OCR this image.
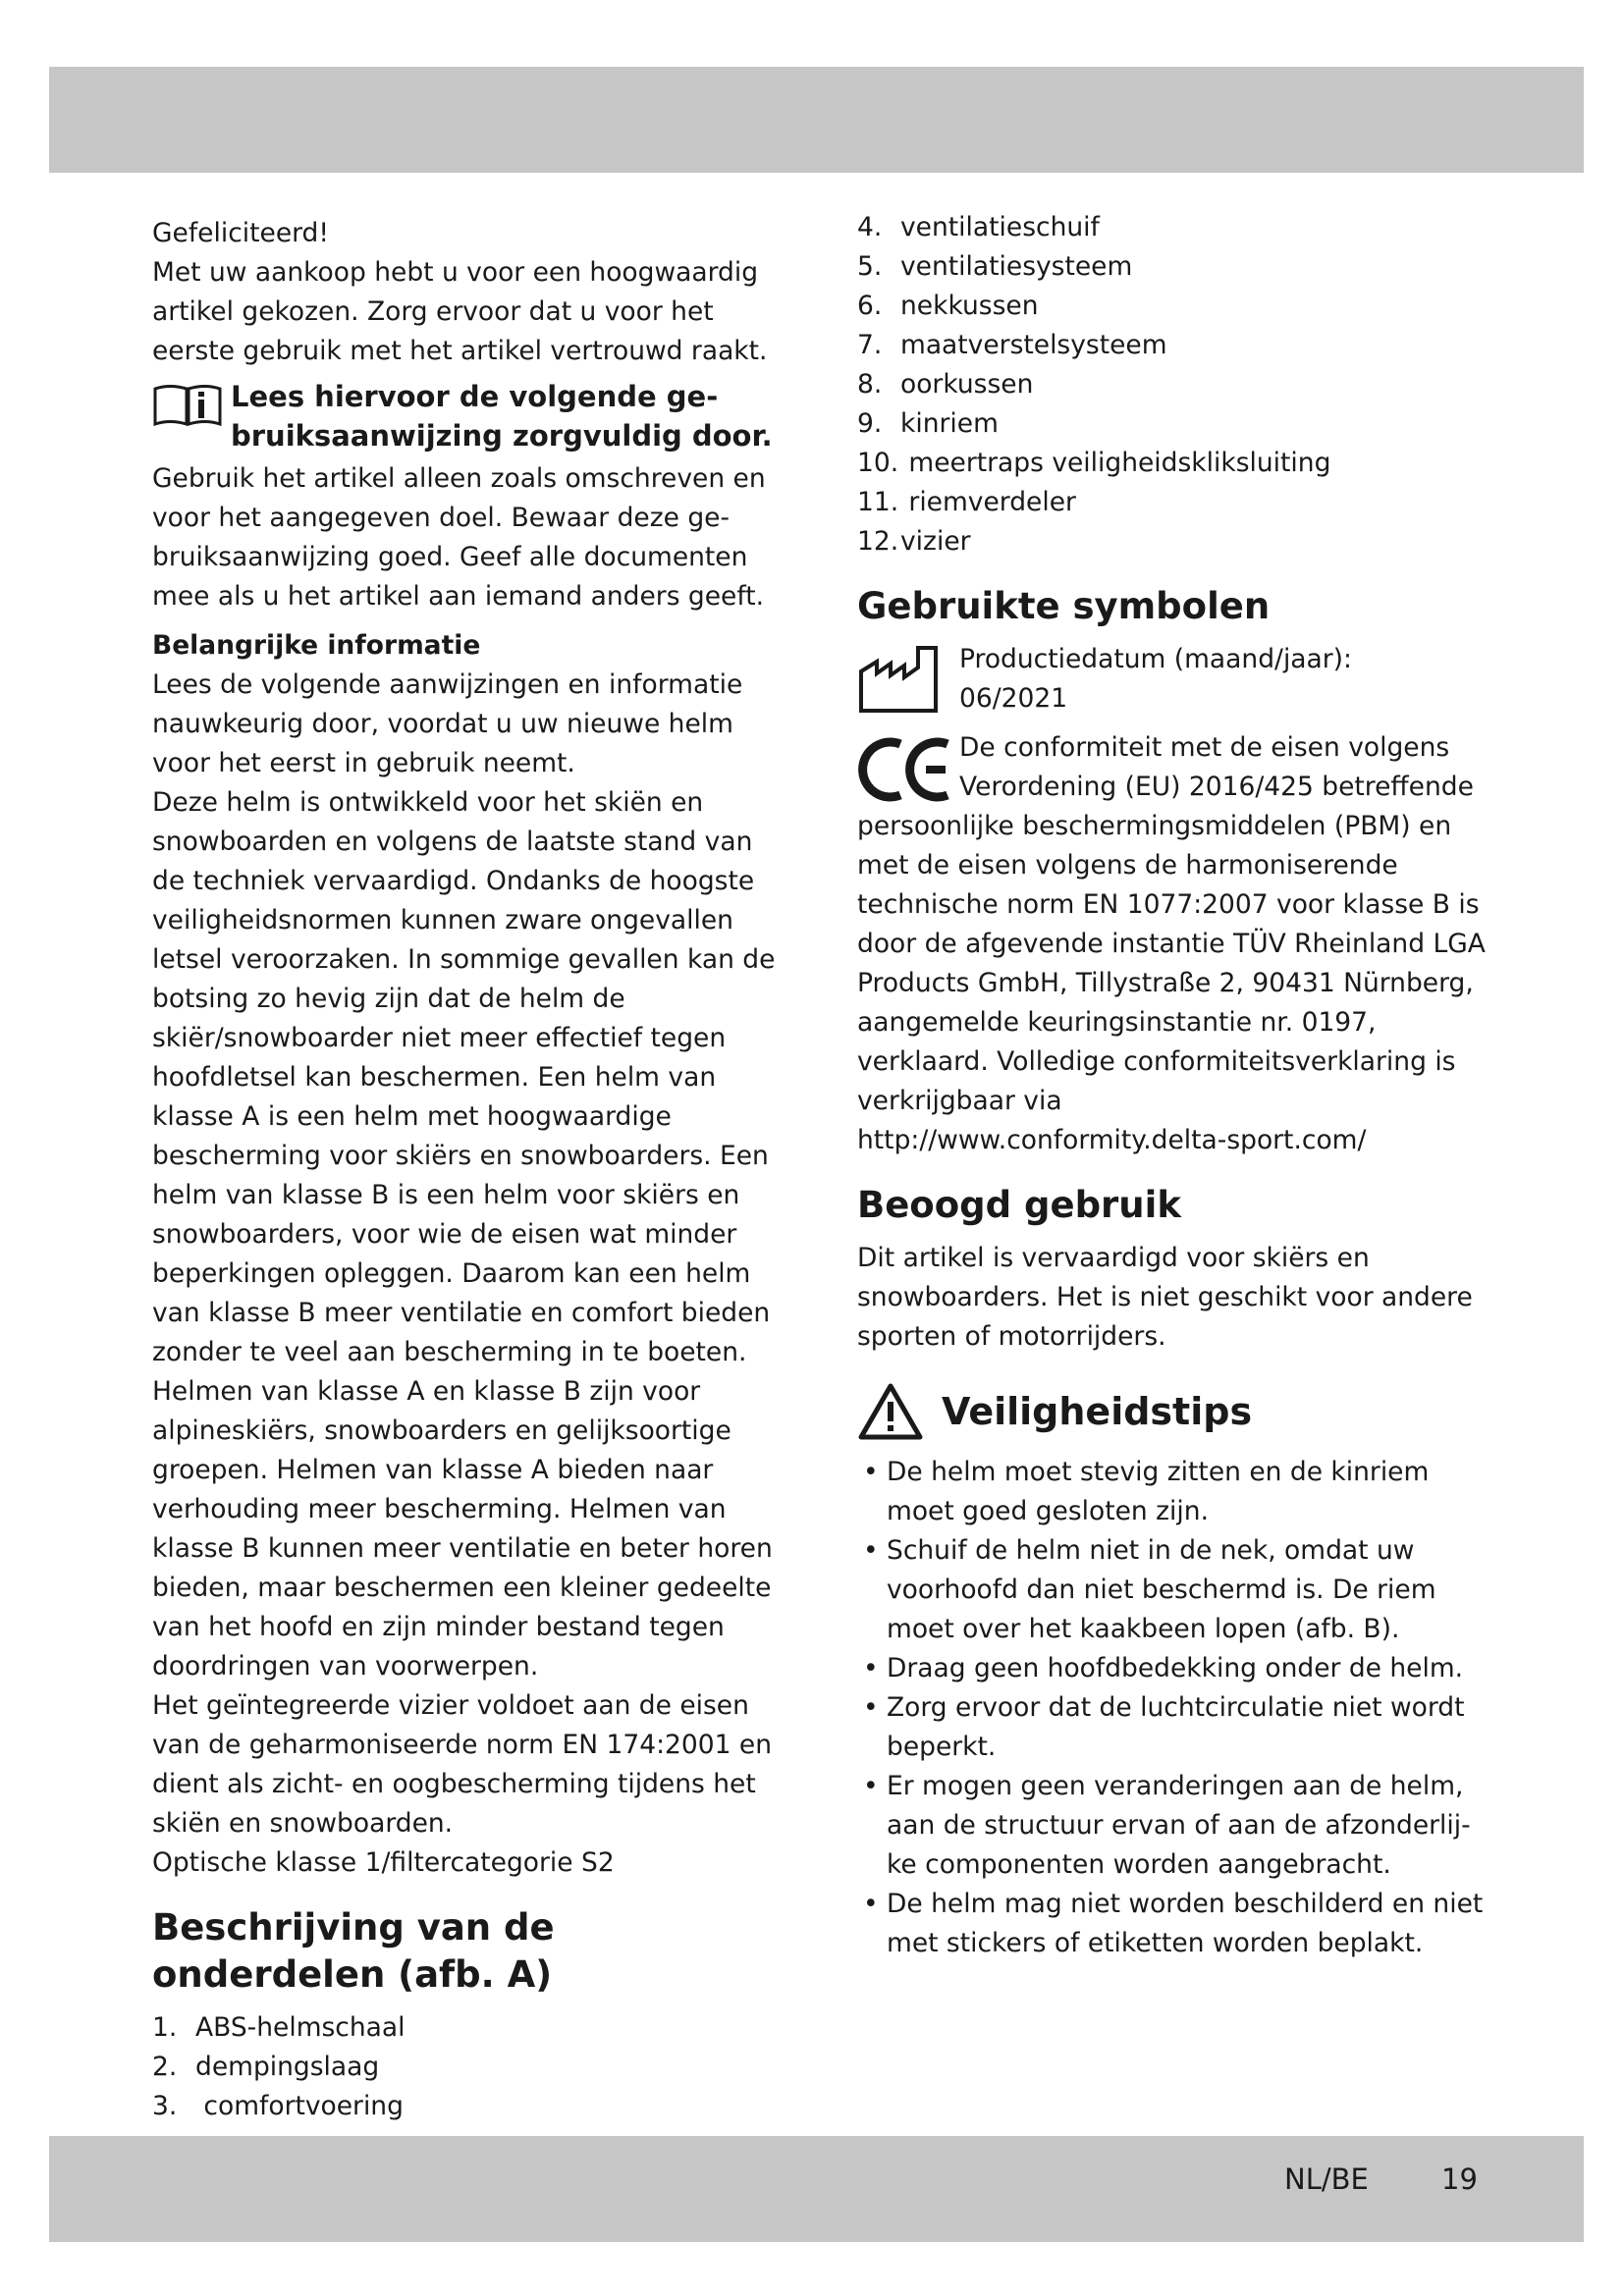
Gefeliciteerd!

Met uw aankoop hebt u voor een hoogwaardig artikel gekozen. Zorg ervoor dat u voor het eerste gebruik met het artikel vertrouwd raakt.

Lees hiervoor de volgende gebruiksaanwijzing zorgvuldig door.

Gebruik het artikel alleen zoals omschreven en voor het aangegeven doel. Bewaar deze gebruiksaanwijzing goed. Geef alle documenten mee als u het artikel aan iemand anders geeft.

Belangrijke informatie

Lees de volgende aanwijzingen en informatie nauwkeurig door, voordat u uw nieuwe helm voor het eerst in gebruik neemt.

Deze helm is ontwikkeld voor het skiën en snowboarden en volgens de laatste stand van de techniek vervaardigd. Ondanks de hoogste veiligheidsnormen kunnen zware ongevallen letsel veroorzaken. In sommige gevallen kan de botsing zo hevig zijn dat de helm de skiër/snowboarder niet meer effectief tegen hoofdletsel kan beschermen. Een helm van klasse A is een helm met hoogwaardige bescherming voor skiërs en snowboarders. Een helm van klasse B is een helm voor skiërs en snowboarders, voor wie de eisen wat minder beperkingen opleggen. Daarom kan een helm van klasse B meer ventilatie en comfort bieden zonder te veel aan bescherming in te boeten. Helmen van klasse A en klasse B zijn voor alpineskiërs, snowboarders en gelijksoortige groepen. Helmen van klasse A bieden naar verhouding meer bescherming. Helmen van klasse B kunnen meer ventilatie en beter horen bieden, maar beschermen een kleiner gedeelte van het hoofd en zijn minder bestand tegen doordringen van voorwerpen.

Het geïntegreerde vizier voldoet aan de eisen van de geharmoniseerde norm EN 174:2001 en dient als zicht- en oogbescherming tijdens het skiën en snowboarden.

Optische klasse 1/filtercategorie S2

Beschrijving van de onderdelen (afb. A)
1. ABS-helmschaal
2. dempingslaag
3. comfortvoering
4. ventilatieschuif
5. ventilatiesysteem
6. nekkussen
7. maatverstelsysteem
8. oorkussen
9. kinriem
10. meertraps veiligheidskliksluiting
11. riemverdeler
12. vizier
Gebruikte symbolen

Productiedatum (maand/jaar):

06/2021

De conformiteit met de eisen volgens Verordening (EU) 2016/425 betreffende persoonlijke beschermingsmiddelen (PBM) en met de eisen volgens de harmoniserende technische norm EN 1077:2007 voor klasse B is door de afgevende instantie TÜV Rheinland LGA Products GmbH, Tillystraße 2, 90431 Nürnberg, aangemelde keuringsinstantie nr. 0197, verklaard. Volledige conformiteitsverklaring is verkrijgbaar via

http://www.conformity.delta-sport.com/

Beoogd gebruik

Dit artikel is vervaardigd voor skiërs en snowboarders. Het is niet geschikt voor andere sporten of motorrijders.

Veiligheidstips
• De helm moet stevig zitten en de kinriem moet goed gesloten zijn.
• Schuif de helm niet in de nek, omdat uw voorhoofd dan niet beschermd is. De riem moet over het kaakbeen lopen (afb. B).
• Draag geen hoofdbedekking onder de helm.
• Zorg ervoor dat de luchtcirculatie niet wordt beperkt.
• Er mogen geen veranderingen aan de helm, aan de structuur ervan of aan de afzonderlijke componenten worden aangebracht.
• De helm mag niet worden beschilderd en niet met stickers of etiketten worden beplakt.
NL/BE	19
